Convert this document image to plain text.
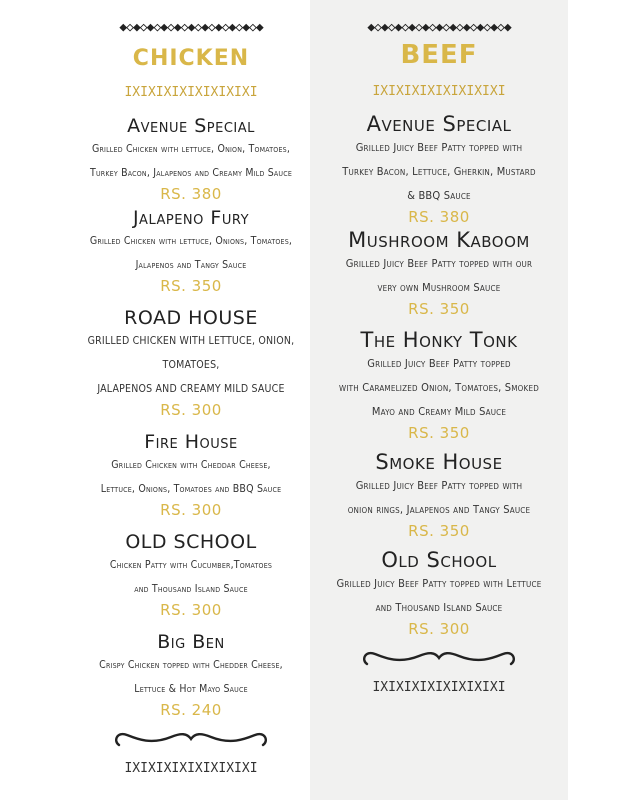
◆◇◆◇◆◇◆◇◆◇◆◇◆◇◆◇◆◇◆◇◆
CHICKEN
IXIXIXIXIXIXIXIXI
Avenue Special
Grilled Chicken with lettuce, Onion, Tomatoes,
Turkey Bacon, Jalapenos and Creamy Mild Sauce
RS. 380
Jalapeno Fury
Grilled Chicken with lettuce, Onions, Tomatoes,
Jalapenos and Tangy Sauce
RS. 350
ROAD HOUSE
GRILLED CHICKEN WITH LETTUCE, ONION, TOMATOES,
JALAPENOS AND CREAMY MILD SAUCE
RS. 300
Fire House
Grilled Chicken with Cheddar Cheese,
Lettuce, Onions, Tomatoes and BBQ Sauce
RS. 300
OLD SCHOOL
Chicken Patty with Cucumber,Tomatoes
and Thousand Island Sauce
RS. 300
Big Ben
Crispy Chicken topped with Chedder Cheese,
Lettuce & Hot Mayo Sauce
RS. 240
IXIXIXIXIXIXIXIXI
◆◇◆◇◆◇◆◇◆◇◆◇◆◇◆◇◆◇◆◇◆
BEEF
IXIXIXIXIXIXIXIXI
Avenue Special
Grilled Juicy Beef Patty topped with
Turkey Bacon, Lettuce, Gherkin, Mustard
& BBQ Sauce
RS. 380
Mushroom Kaboom
Grilled Juicy Beef Patty topped with our
very own Mushroom Sauce
RS. 350
The Honky Tonk
Grilled Juicy Beef Patty topped
with Caramelized Onion, Tomatoes, Smoked
Mayo and Creamy Mild Sauce
RS. 350
Smoke House
Grilled Juicy Beef Patty topped with
onion rings, Jalapenos and Tangy Sauce
RS. 350
Old School
Grilled Juicy Beef Patty topped with Lettuce
and Thousand Island Sauce
RS. 300
IXIXIXIXIXIXIXIXI
